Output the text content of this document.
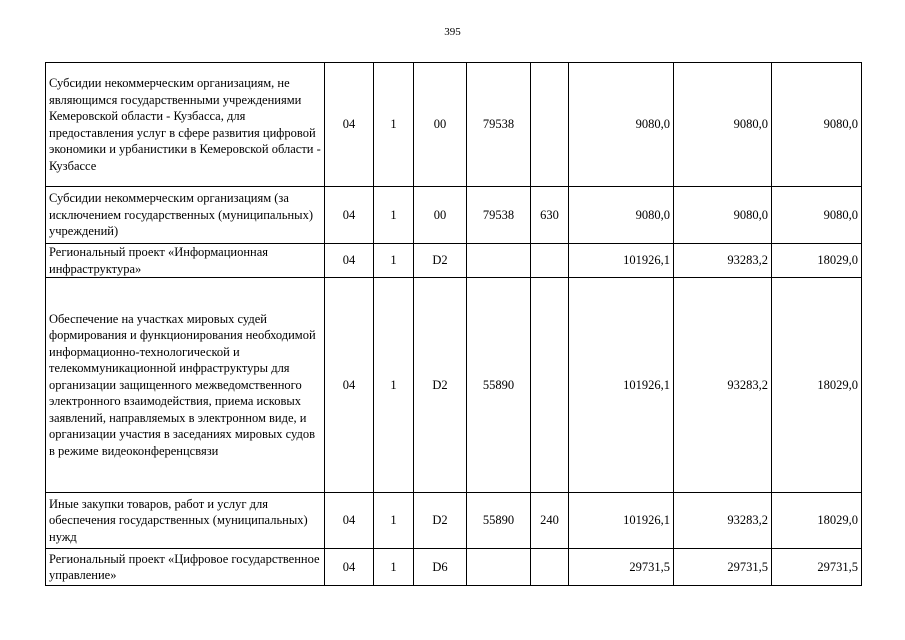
395
Субсидии некоммерческим организациям, не являющимся государственными учреждениями Кемеровской области - Кузбасса, для предоставления услуг в сфере развития цифровой экономики и урбанистики в Кемеровской области - Кузбассе	04	1	00	79538		9080,0	9080,0	9080,0
Субсидии некоммерческим организациям (за исключением государственных (муниципальных) учреждений)	04	1	00	79538	630	9080,0	9080,0	9080,0
Региональный проект «Информационная инфраструктура»	04	1	D2			101926,1	93283,2	18029,0
Обеспечение на участках мировых судей формирования и функционирования необходимой информационно-технологической и телекоммуникационной инфраструктуры для организации защищенного межведомственного электронного взаимодействия, приема исковых заявлений, направляемых в электронном виде, и организации участия в заседаниях мировых судов в режиме видеоконференцсвязи	04	1	D2	55890		101926,1	93283,2	18029,0
Иные закупки товаров, работ и услуг для обеспечения государственных (муниципальных) нужд	04	1	D2	55890	240	101926,1	93283,2	18029,0
Региональный проект «Цифровое государственное управление»	04	1	D6			29731,5	29731,5	29731,5
